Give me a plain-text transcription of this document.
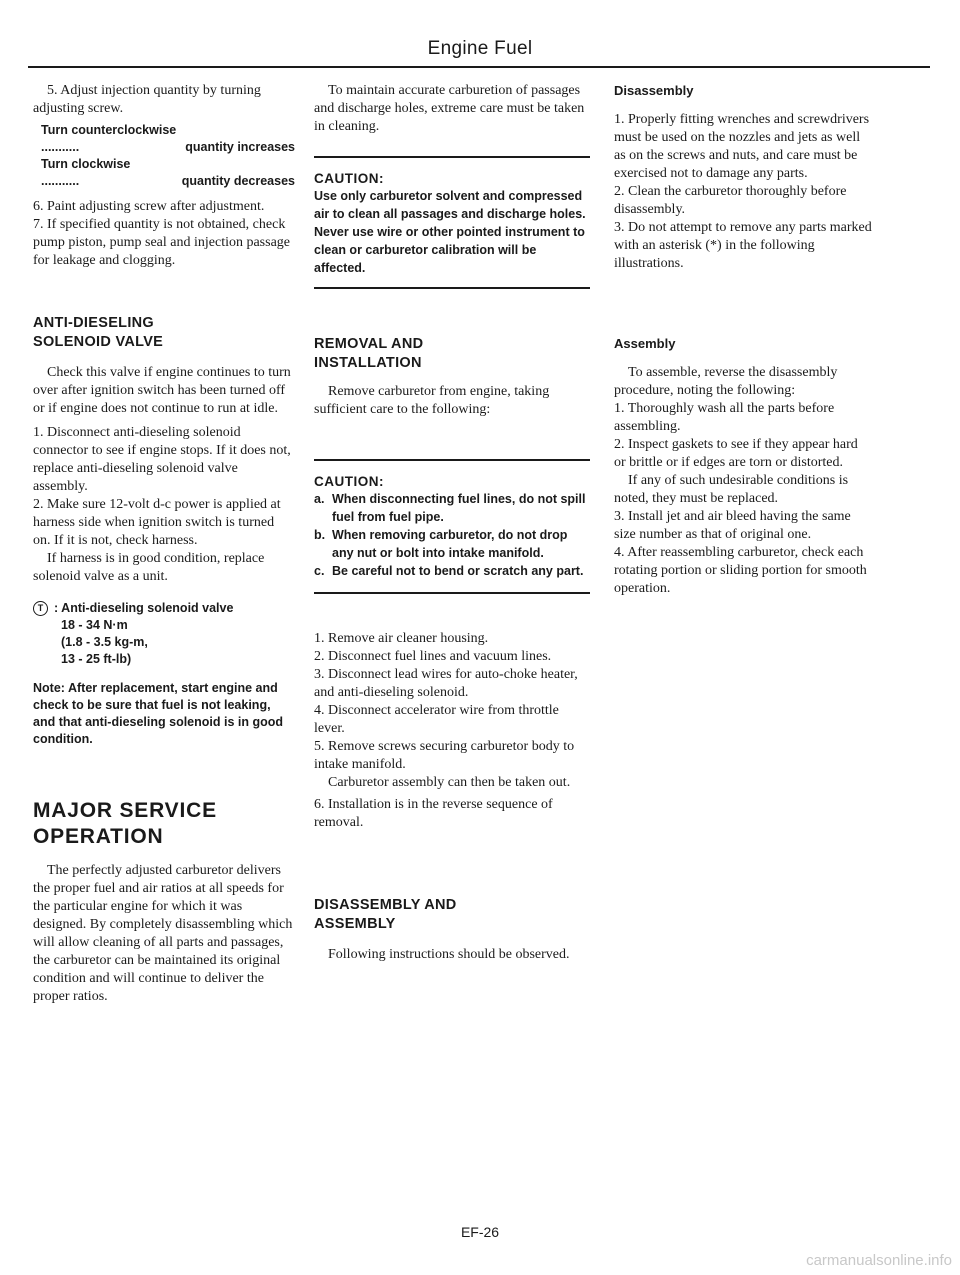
Engine Fuel

5. Adjust injection quantity by turning adjusting screw.

Turn counterclockwise
...........	quantity increases
Turn clockwise
...........	quantity decreases

6. Paint adjusting screw after adjustment.

7. If specified quantity is not obtained, check pump piston, pump seal and injection passage for leakage and clogging.

ANTI-DIESELING
SOLENOID VALVE

Check this valve if engine continues to turn over after ignition switch has been turned off or if engine does not continue to run at idle.

1. Disconnect anti-dieseling solenoid connector to see if engine stops. If it does not, replace anti-dieseling solenoid valve assembly.

2. Make sure 12-volt d-c power is applied at harness side when ignition switch is turned on. If it is not, check harness.

If harness is in good condition, replace solenoid valve as a unit.

T : Anti-dieseling solenoid valve
18 - 34 N·m
(1.8 - 3.5 kg-m,
13 - 25 ft-lb)
Note: After replacement, start engine and check to be sure that fuel is not leaking, and that anti-dieseling solenoid is in good condition.
MAJOR SERVICE
OPERATION

The perfectly adjusted carburetor delivers the proper fuel and air ratios at all speeds for the particular engine for which it was designed. By completely disassembling which will allow cleaning of all parts and passages, the carburetor can be maintained its original condition and will continue to deliver the proper ratios.

To maintain accurate carburetion of passages and discharge holes, extreme care must be taken in cleaning.

CAUTION:
Use only carburetor solvent and compressed air to clean all passages and discharge holes. Never use wire or other pointed instrument to clean or carburetor calibration will be affected.
REMOVAL AND
INSTALLATION

Remove carburetor from engine, taking sufficient care to the following:

CAUTION:
a. When disconnecting fuel lines, do not spill fuel from fuel pipe.
b. When removing carburetor, do not drop any nut or bolt into intake manifold.
c. Be careful not to bend or scratch any part.

1. Remove air cleaner housing.

2. Disconnect fuel lines and vacuum lines.

3. Disconnect lead wires for auto-choke heater, and anti-dieseling solenoid.

4. Disconnect accelerator wire from throttle lever.

5. Remove screws securing carburetor body to intake manifold.

Carburetor assembly can then be taken out.

6. Installation is in the reverse sequence of removal.

DISASSEMBLY AND
ASSEMBLY

Following instructions should be observed.

Disassembly

1. Properly fitting wrenches and screwdrivers must be used on the nozzles and jets as well as on the screws and nuts, and care must be exercised not to damage any parts.

2. Clean the carburetor thoroughly before disassembly.

3. Do not attempt to remove any parts marked with an asterisk (*) in the following illustrations.

Assembly

To assemble, reverse the disassembly procedure, noting the following:

1. Thoroughly wash all the parts before assembling.

2. Inspect gaskets to see if they appear hard or brittle or if edges are torn or distorted.

If any of such undesirable conditions is noted, they must be replaced.

3. Install jet and air bleed having the same size number as that of original one.

4. After reassembling carburetor, check each rotating portion or sliding portion for smooth operation.

EF-26
carmanualsonline.info
